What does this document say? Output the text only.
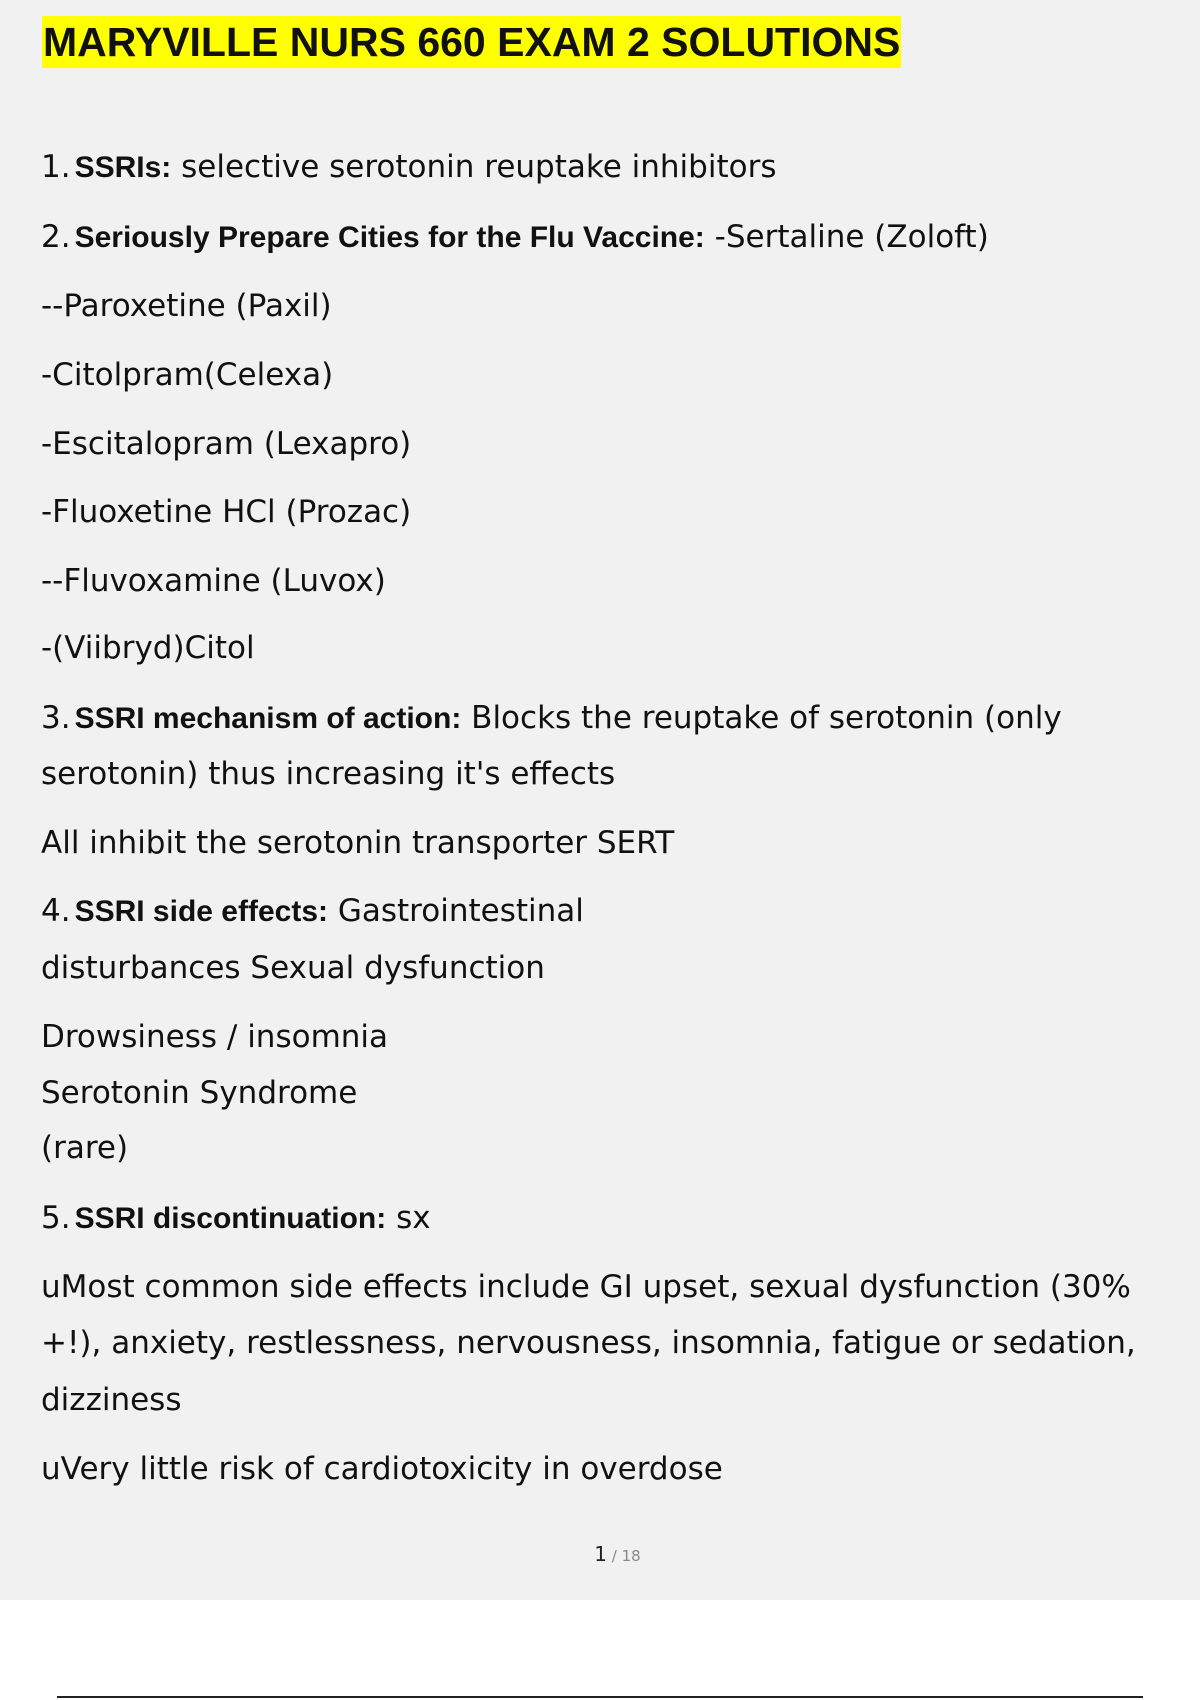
MARYVILLE NURS 660 EXAM 2 SOLUTIONS
1. SSRIs: selective serotonin reuptake inhibitors
2. Seriously Prepare Cities for the Flu Vaccine: -Sertaline (Zoloft)
--Paroxetine (Paxil)
-Citolpram(Celexa)
-Escitalopram (Lexapro)
-Fluoxetine HCl (Prozac)
--Fluvoxamine (Luvox)
-(Viibryd)Citol
3. SSRI mechanism of action: Blocks the reuptake of serotonin (only
serotonin) thus increasing it's effects
All inhibit the serotonin transporter SERT
4. SSRI side effects: Gastrointestinal
disturbances Sexual dysfunction
Drowsiness / insomnia
Serotonin Syndrome
(rare)
5. SSRI discontinuation: sx
uMost common side effects include GI upset, sexual dysfunction (30%
+!), anxiety, restlessness, nervousness, insomnia, fatigue or sedation,
dizziness
uVery little risk of cardiotoxicity in overdose
1 / 18
